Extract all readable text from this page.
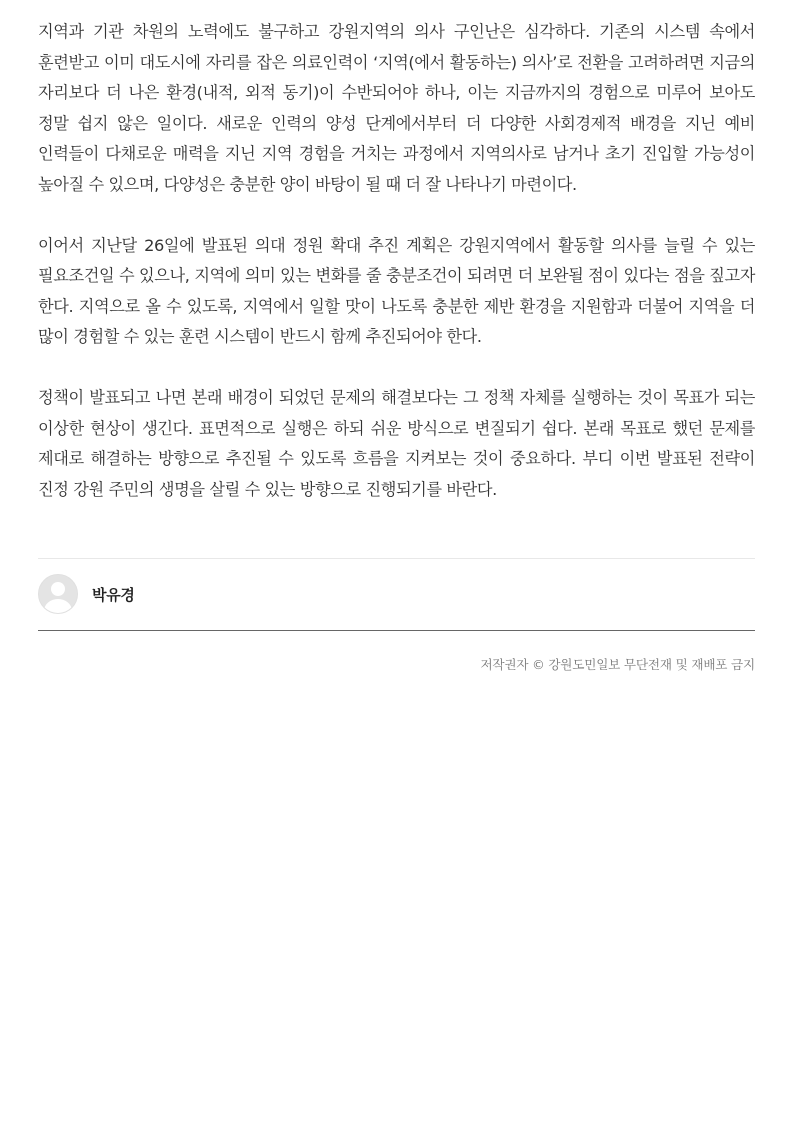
지역과 기관 차원의 노력에도 불구하고 강원지역의 의사 구인난은 심각하다. 기존의 시스템 속에서 훈련받고 이미 대도시에 자리를 잡은 의료인력이 ‘지역(에서 활동하는) 의사’로 전환을 고려하려면 지금의 자리보다 더 나은 환경(내적, 외적 동기)이 수반되어야 하나, 이는 지금까지의 경험으로 미루어 보아도 정말 쉽지 않은 일이다. 새로운 인력의 양성 단계에서부터 더 다양한 사회경제적 배경을 지닌 예비 인력들이 다채로운 매력을 지닌 지역 경험을 거치는 과정에서 지역의사로 남거나 초기 진입할 가능성이 높아질 수 있으며, 다양성은 충분한 양이 바탕이 될 때 더 잘 나타나기 마련이다.

이어서 지난달 26일에 발표된 의대 정원 확대 추진 계획은 강원지역에서 활동할 의사를 늘릴 수 있는 필요조건일 수 있으나, 지역에 의미 있는 변화를 줄 충분조건이 되려면 더 보완될 점이 있다는 점을 짚고자 한다. 지역으로 올 수 있도록, 지역에서 일할 맛이 나도록 충분한 제반 환경을 지원함과 더불어 지역을 더 많이 경험할 수 있는 훈련 시스템이 반드시 함께 추진되어야 한다.

정책이 발표되고 나면 본래 배경이 되었던 문제의 해결보다는 그 정책 자체를 실행하는 것이 목표가 되는 이상한 현상이 생긴다. 표면적으로 실행은 하되 쉬운 방식으로 변질되기 쉽다. 본래 목표로 했던 문제를 제대로 해결하는 방향으로 추진될 수 있도록 흐름을 지켜보는 것이 중요하다. 부디 이번 발표된 전략이 진정 강원 주민의 생명을 살릴 수 있는 방향으로 진행되기를 바란다.

박유경
저작권자 © 강원도민일보 무단전재 및 재배포 금지
